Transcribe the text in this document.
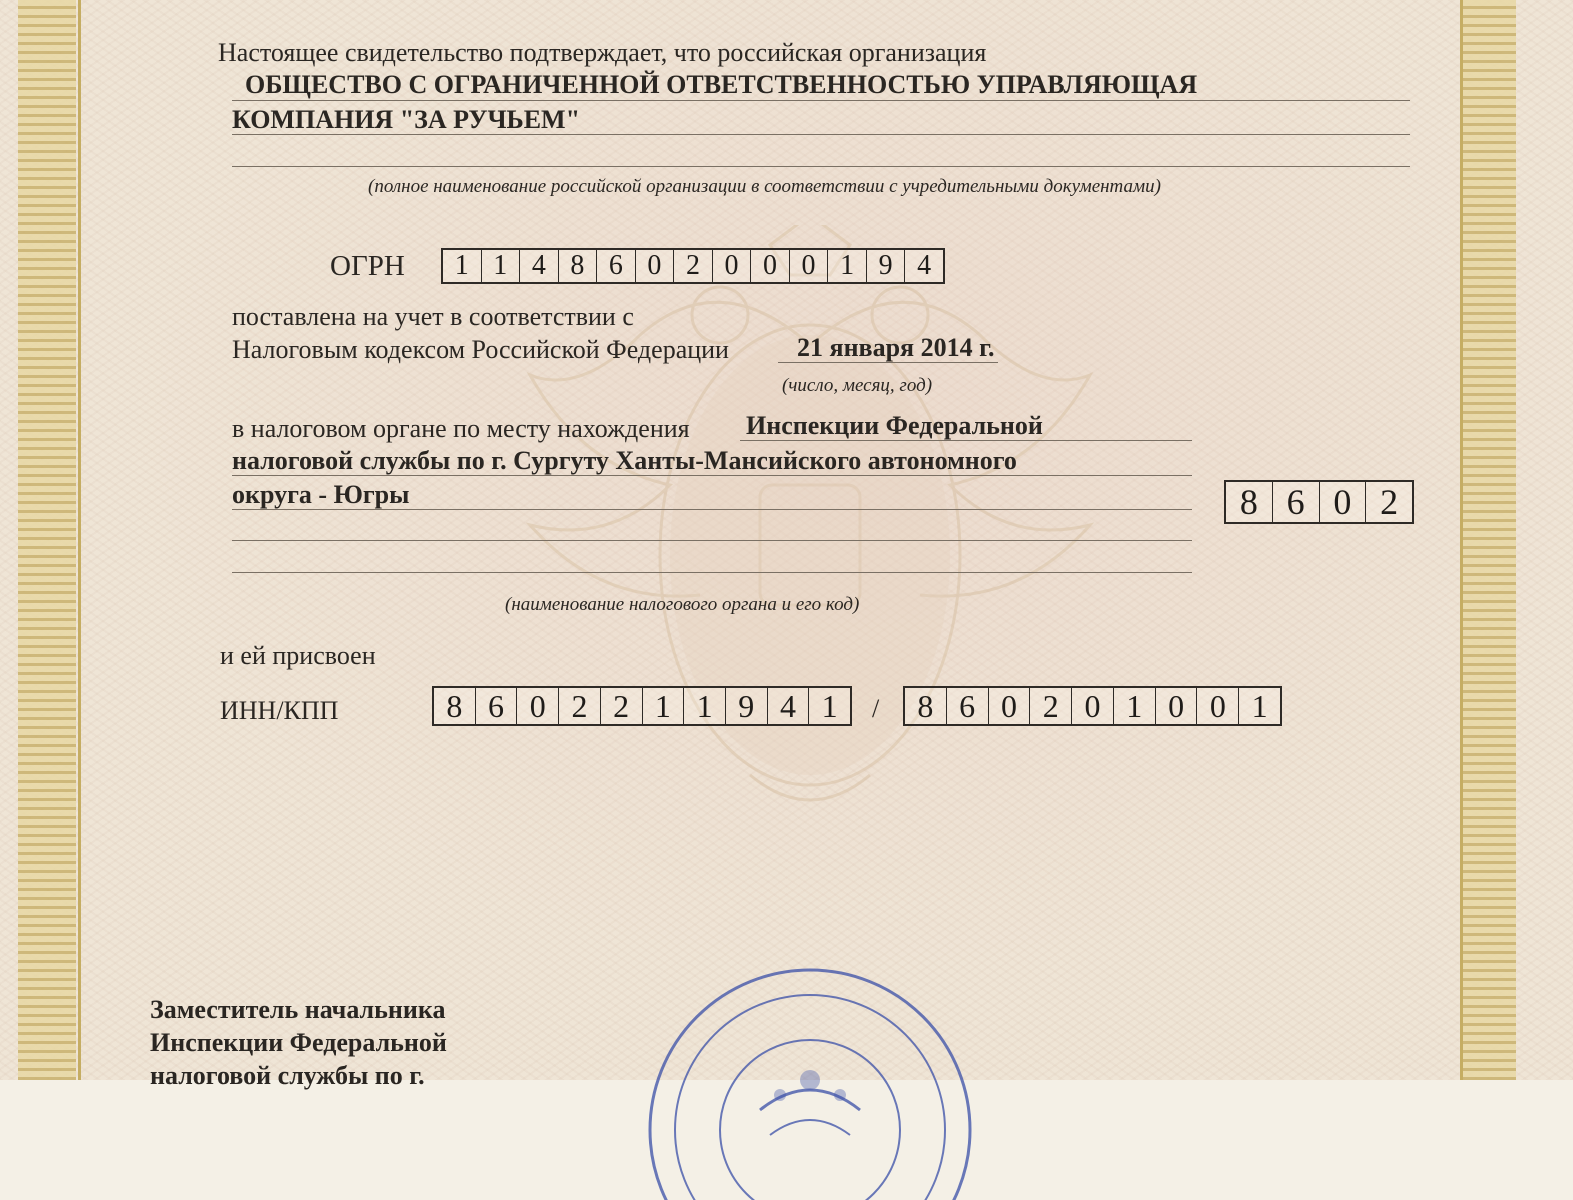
Настоящее свидетельство подтверждает, что российская организация
ОБЩЕСТВО С ОГРАНИЧЕННОЙ ОТВЕТСТВЕННОСТЬЮ УПРАВЛЯЮЩАЯ
КОМПАНИЯ "ЗА РУЧЬЕМ"
(полное наименование российской организации в соответствии с учредительными документами)
ОГРН	1 1 4 8 6 0 2 0 0 0 1 9 4
поставлена на учет в соответствии с
Налоговым кодексом Российской Федерации	21 января 2014 г.
(число, месяц, год)
в налоговом органе по месту нахождения Инспекции Федеральной
налоговой службы по г. Сургуту Ханты-Мансийского автономного
округа - Югры	8 6 0 2
(наименование налогового органа и его код)
и ей присвоен
ИНН/КПП	8 6 0 2 2 1 1 9 4 1	/	8 6 0 2 0 1 0 0 1
Заместитель начальника
Инспекции Федеральной
налоговой службы по г.
